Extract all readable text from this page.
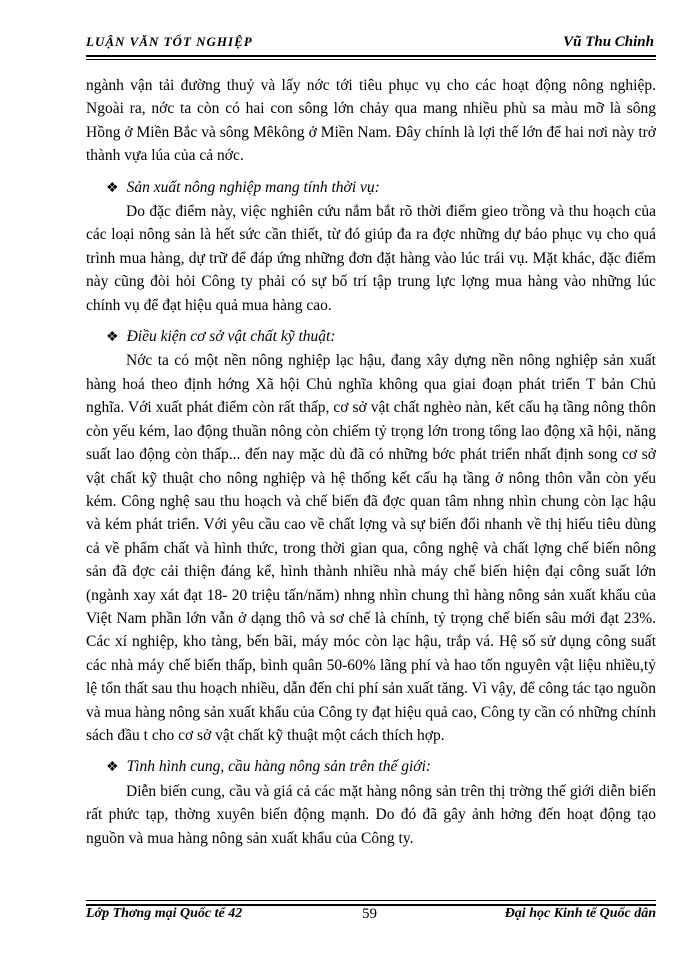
LUẬN VĂN TỐT NGHIỆP	Vũ Thu Chinh

ngành vận tải đường thuỷ và lấy nớc tới tiêu phục vụ cho các hoạt động nông nghiệp. Ngoài ra, nớc ta còn có hai con sông lớn chảy qua mang nhiều phù sa màu mỡ là sông Hồng ở Miền Bắc và sông Mêkông ở Miền Nam. Đây chính là lợi thế lớn để hai nơi này trở thành vựa lúa của cả nớc.

❖ Sản xuất nông nghiệp mang tính thời vụ:

Do đặc điểm này, việc nghiên cứu nắm bắt rõ thời điểm gieo trồng và thu hoạch của các loại nông sản là hết sức cần thiết, từ đó giúp đa ra đợc những dự báo phục vụ cho quá trình mua hàng, dự trữ để đáp ứng những đơn đặt hàng vào lúc trái vụ. Mặt khác, đặc điểm này cũng đòi hỏi Công ty phải có sự bố trí tập trung lực lợng mua hàng vào những lúc chính vụ để đạt hiệu quả mua hàng cao.

❖ Điều kiện cơ sở vật chất kỹ thuật:

Nớc ta có một nền nông nghiệp lạc hậu, đang xây dựng nền nông nghiệp sản xuất hàng hoá theo định hớng Xã hội Chủ nghĩa không qua giai đoạn phát triển T bản Chủ nghĩa. Với xuất phát điểm còn rất thấp, cơ sở vật chất nghèo nàn, kết cấu hạ tầng nông thôn còn yếu kém, lao động thuần nông còn chiếm tỷ trọng lớn trong tổng lao động xã hội, năng suất lao động còn thấp... đến nay mặc dù đã có những bớc phát triển nhất định song cơ sở vật chất kỹ thuật cho nông nghiệp và hệ thống kết cấu hạ tầng ở nông thôn vẫn còn yếu kém. Công nghệ sau thu hoạch và chế biến đã đợc quan tâm nhng nhìn chung còn lạc hậu và kém phát triển. Với yêu cầu cao về chất lợng và sự biến đổi nhanh về thị hiếu tiêu dùng cả về phẩm chất và hình thức, trong thời gian qua, công nghệ và chất lợng chế biến nông sản đã đợc cải thiện đáng kể, hình thành nhiều nhà máy chế biến hiện đại công suất lớn (ngành xay xát đạt 18- 20 triệu tấn/năm) nhng nhìn chung thì hàng nông sản xuất khẩu của Việt Nam phần lớn vẫn ở dạng thô và sơ chế là chính, tỷ trọng chế biến sâu mới đạt 23%. Các xí nghiệp, kho tàng, bến bãi, máy móc còn lạc hậu, trắp vá. Hệ số sử dụng công suất các nhà máy chế biến thấp, bình quân 50-60% lãng phí và hao tốn nguyên vật liệu nhiều,tỷ lệ tổn thất sau thu hoạch nhiều, dẫn đến chi phí sản xuất tăng. Vì vậy, để công tác tạo nguồn và mua hàng nông sản xuất khẩu của Công ty đạt hiệu quả cao, Công ty cần có những chính sách đầu t cho cơ sở vật chất kỹ thuật một cách thích hợp.

❖ Tình hình cung, cầu hàng nông sản trên thế giới:

Diễn biến cung, cầu và giá cả các mặt hàng nông sản trên thị trờng thế giới diễn biến rất phức tạp, thờng xuyên biến động mạnh. Do đó đã gây ảnh hởng đến hoạt động tạo nguồn và mua hàng nông sản xuất khẩu của Công ty.

Lớp Thơng mại Quốc tế 42	59	Đại học Kinh tế Quốc dân
